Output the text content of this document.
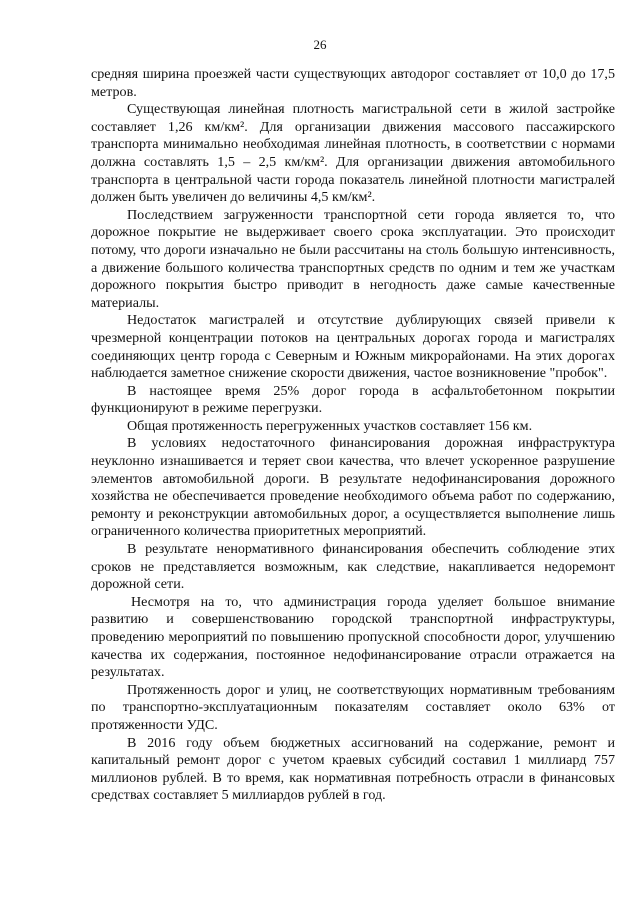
26

средняя ширина проезжей части существующих автодорог составляет от 10,0 до 17,5 метров.

Существующая линейная плотность магистральной сети в жилой застройке составляет 1,26 км/км². Для организации движения массового пассажирского транспорта минимально необходимая линейная плотность, в соответствии с нормами должна составлять 1,5 – 2,5 км/км². Для организации движения автомобильного транспорта в центральной части города показатель линейной плотности магистралей должен быть увеличен до величины 4,5 км/км².

Последствием загруженности транспортной сети города является то, что дорожное покрытие не выдерживает своего срока эксплуатации. Это происходит потому, что дороги изначально не были рассчитаны на столь большую интенсивность, а движение большого количества транспортных средств по одним и тем же участкам дорожного покрытия быстро приводит в негодность даже самые качественные материалы.

Недостаток магистралей и отсутствие дублирующих связей привели к чрезмерной концентрации потоков на центральных дорогах города и магистралях соединяющих центр города с Северным и Южным микрорайонами. На этих дорогах наблюдается заметное снижение скорости движения, частое возникновение "пробок".

В настоящее время 25% дорог города в асфальтобетонном покрытии функционируют в режиме перегрузки.

Общая протяженность перегруженных участков составляет 156 км.

В условиях недостаточного финансирования дорожная инфраструктура неуклонно изнашивается и теряет свои качества, что влечет ускоренное разрушение элементов автомобильной дороги. В результате недофинансирования дорожного хозяйства не обеспечивается проведение необходимого объема работ по содержанию, ремонту и реконструкции автомобильных дорог, а осуществляется выполнение лишь ограниченного количества приоритетных мероприятий.

В результате ненормативного финансирования обеспечить соблюдение этих сроков не представляется возможным, как следствие, накапливается недоремонт дорожной сети.

Несмотря на то, что администрация города уделяет большое внимание развитию и совершенствованию городской транспортной инфраструктуры, проведению мероприятий по повышению пропускной способности дорог, улучшению качества их содержания, постоянное недофинансирование отрасли отражается на результатах.

Протяженность дорог и улиц, не соответствующих нормативным требованиям по транспортно-эксплуатационным показателям составляет около 63% от протяженности УДС.

В 2016 году объем бюджетных ассигнований на содержание, ремонт и капитальный ремонт дорог с учетом краевых субсидий составил 1 миллиард 757 миллионов рублей. В то время, как нормативная потребность отрасли в финансовых средствах составляет 5 миллиардов рублей в год.
